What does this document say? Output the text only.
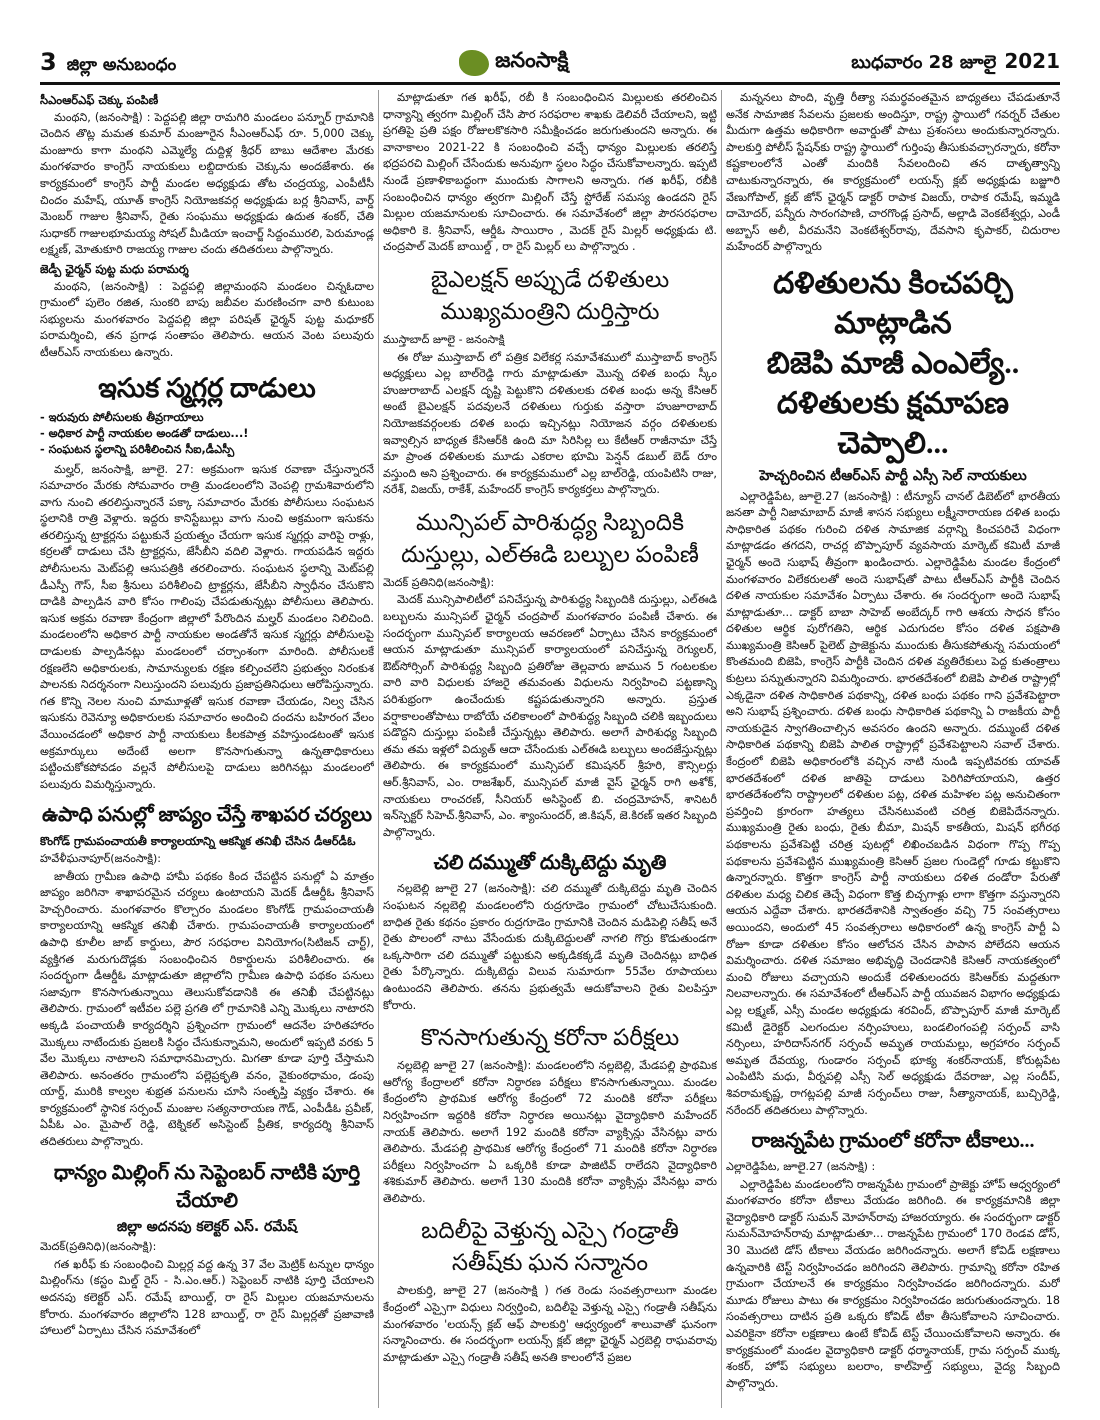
3 జిల్లా అనుబంధం	జనంసాక్షి	బుధవారం 28 జూలై 2021
సీఎంఆర్ఎఫ్ చెక్కు పంపిణీ

మంథని, (జనంసాక్షి) : పెద్దపల్లి జిల్లా రామగిరి మండలం పన్నూర్ గ్రామానికి చెందిన తొట్ల మమత కుమార్ మంజూరైన సీఎంఆర్ఎఫ్ రూ. 5,000 చెక్కు మంజూరు కాగా మంథని ఎమ్మెల్యే దుద్దిళ్ల శ్రీధర్ బాబు ఆదేశాల మేరకు మంగళవారం కాంగ్రెస్ నాయకులు లబ్దిదారుకు చెక్కును అందజేశారు. ఈ కార్యక్రమంలో కాంగ్రెస్ పార్టీ మండల అధ్యక్షుడు తోట చంద్రయ్య, ఎంపీటీసీ చిందం మహేష్, యూత్ కాంగ్రెస్ నియోజకవర్గ అధ్యక్షుడు బర్ల శ్రీనివాస్, వార్డ్ మెంబర్ గాజుల శ్రీనివాస్, రైతు సంఘము అధ్యక్షుడు ఉదుత శంకర్, చేతి సుధాకర్ గాజులభూమయ్య సోషల్ మీడియా ఇంచార్జ్ సిద్దంమురలి, పెరుమాండ్ల లక్ష్మణ్, మోతుకూరి రాజయ్య గాజుల చందు తదితరులు పాల్గొన్నారు.

జెడ్పీ ఛైర్మన్ పుట్ట మధు పరామర్శ

మంథని, (జనంసాక్షి) : పెద్దపల్లి జిల్లామంథని మండలం చిన్నఓదాల గ్రామంలో పులెం రజిత, సుంకరి బాపు జబీవల మరణించగా వారి కుటుంబ సభ్యులను మంగళవారం పెద్దపల్లి జిల్లా పరిషత్ ఛైర్మన్ పుట్ట మధూకర్ పరామర్శించి, తన ప్రగాఢ సంతాపం తెలిపారు. ఆయన వెంట పలువురు టీఆర్ఎస్ నాయకులు ఉన్నారు.

ఇసుక స్మగ్లర్ల దాడులు
- ఇరువురు పోలీసులకు తీవ్రగాయాలు
- అధికార పార్టీ నాయకుల అండతో దాడులు...!
- సంఘటన స్థలాన్ని పరిశీలించిన సీఐ,డీఎస్పీ

మల్హర్, జనంసాక్షి, జూలై. 27: అక్రమంగా ఇసుక రవాణా చేస్తున్నారనే సమాచారం మేరకు సోమవారం రాత్రి మండలంలోని వెంపల్లి గ్రామశివారులోని వాగు నుంచి తరలిస్తున్నారనే పక్కా సమాచారం మేరకు పోలీసులు సంఘటన స్థలానికి రాత్రి వెళ్లారు. ఇద్దరు కానిస్టేబుల్లు వాగు నుంచి అక్రమంగా ఇసుకను తరలిస్తున్న ట్రాక్టర్లను పట్టుకునే ప్రయత్నం చేయగా ఇసుక స్మగ్లర్లు వారిపై రాళ్లు, కర్రలతో దాడులు చేసి ట్రాక్టర్లను, జేసీబీని వదిలి వెళ్లారు. గాయపడిన ఇద్దరు పోలీసులను మెట్‌పల్లి ఆసుపత్రికి తరలించారు. సంఘటన స్థలాన్ని మెట్‌పల్లి డీఎస్పీ గౌస్, సీఐ శ్రీనులు పరిశీలించి ట్రాక్టర్లను, జేసీబీని స్వాధీనం చేసుకొని దాడికి పాల్పడిన వారి కోసం గాలింపు చేపడుతున్నట్లు పోలీసులు తెలిపారు. ఇసుక అక్రమ రవాణా కేంద్రంగా జిల్లాలో పేరొందిన మల్హర్ మండలం నిలిచింది. మండలంలోని అధికార పార్టీ నాయకుల అండతోనే ఇసుక స్మగ్లర్లు పోలీసులపై దాడులకు పాల్పడినట్లు మండలంలో చర్చాంశంగా మారింది. పోలీసులకే రక్షణలేని అధికారులకు, సామాన్యులకు రక్షణ కల్పించలేని ప్రభుత్వం నిరంకుశ పాలనకు నిదర్శనంగా నిలుస్తుందని పలువురు ప్రజాప్రతినిధులు ఆరోపిస్తున్నారు. గత కొన్ని నెలల నుంచి మామూళ్లతో ఇసుక రవాణా చేయడం, నిల్వ చేసిన ఇసుకను రెవెన్యూ అధికారులకు సమాచారం అందించి దందను బహిరంగ వేలం వేయించడంలో అధికార పార్టీ నాయకులు కీలకపాత్ర వహిస్తుండటంతో ఇసుక అక్రమార్కులు అదేంటే అలగా కొనసాగుతున్నా ఉన్నతాధికారులు పట్టించుకోకపోవడం వల్లనే పోలీసులపై దాడులు జరిగినట్లు మండలంలో పలువురు విమర్శిస్తున్నారు.

ఉపాధి పనుల్లో జాప్యం చేస్తే శాఖపర చర్యలు
కొంగోడ్ గ్రామపంచాయతీ కార్యాలయాన్ని ఆకస్మిక తనిఖీ చేసిన డీఆర్‌డీఓ
హవేళీఘనాపూర్(జనంసాక్షి):

జాతీయ గ్రామీణ ఉపాధి హామీ పథకం కింద చేపట్టిన పనుల్లో ఏ మాత్రం జాప్యం జరిగినా శాఖాపరమైన చర్యలు ఉంటాయని మెదక్ డీఆర్డీఓ శ్రీనివాస్ హెచ్చరించారు. మంగళవారం కొల్చారం మండలం కొంగోడ్ గ్రామపంచాయతీ కార్యాలయాన్ని ఆకస్మిక తనిఖీ చేశారు. గ్రామపంచాయతీ కార్యాలయంలో ఉపాధి కూలీల జాబ్ కార్డులు, పౌర సరఫరాల వినియోగం(సిటిజన్ చార్ట్), వ్యక్తిగత మరుగుదొడ్లకు సంబంధించిన రికార్డులను పరిశీలించారు. ఈ సందర్భంగా డీఆర్డీఓ మాట్లాడుతూ జిల్లాలోని గ్రామీణ ఉపాధి పథకం పనులు సజావుగా కొనసాగుతున్నాయి తెలుసుకోవడానికి ఈ తనిఖీ చేపట్టినట్లు తెలిపారు. గ్రామంలో ఇటీవల పల్లె ప్రగతి లో గ్రామానికి ఎన్ని మొక్కలు నాటారని అక్కడి పంచాయతీ కార్యదర్శిని ప్రశ్నించగా గ్రామంలో ఆదనేల హరితహారం మొక్కలు నాటేందుకు ప్రజలకి సిద్ధం చేసుకున్నామని, అందులో ఇప్పటి వరకు 5 వేల మొక్కలు నాటాలని సమాధానమిచ్చారు. మిగతా కూడా పూర్తి చేస్తామని తెలిపారు. అనంతరం గ్రామంలోని పల్లెప్రకృతి వనం, వైకుంఠధామం, డంపు యార్డ్, మురికి కాల్వల శుభ్రత పనులను చూసి సంతృప్తి వ్యక్తం చేశారు. ఈ కార్యక్రమంలో స్థానిక సర్పంచ్ మంజుల సత్యనారాయణ గౌడ్, ఎంపీడీఓ ప్రవీణ్, ఏపీఓ ఎం. మైపాల్ రెడ్డి, టెక్నికల్ అసిస్టెంట్ ప్రీతిక, కార్యదర్శి శ్రీనివాస్ తదితరులు పాల్గొన్నారు.

ధాన్యం మిల్లింగ్ ను సెప్టెంబర్ నాటికి పూర్తి చేయాలి
జిల్లా అదనపు కలెక్టర్ ఎస్. రమేష్
మెదక్(ప్రతినిధి)(జనంసాక్షి):

గత ఖరీఫ్ కు సంబంధించి మిల్లర్ల వద్ద ఉన్న 37 వేల మెట్రిక్ టన్నుల ధాన్యం మిల్లింగ్‌ను (కస్టం మిల్డ్ రైస్ - సి.ఎం.ఆర్.) సెప్టెంబర్ నాటికి పూర్తి చేయాలని అదనపు కలెక్టర్ ఎస్. రమేష్ బాయిల్డ్, రా రైస్ మిల్లుల యజమానులను కోరారు. మంగళవారం జిల్లాలోని 128 బాయిల్డ్, రా రైస్ మిల్లర్లతో ప్రజావాణి హాలులో ఏర్పాటు చేసిన సమావేశంలో

మాట్లాడుతూ గత ఖరీఫ్, రబీ కి సంబంధించిన మిల్లులకు తరలించిన ధాన్యాన్ని త్వరగా మిల్లింగ్ చేసి పౌర సరఫరాల శాఖకు డెలివరీ చేయాలని, ఇట్టి ప్రగతిపై ప్రతి పక్షం రోజులకొకసారి సమీక్షించడం జరుగుతుందని అన్నారు. ఈ వానాకాలం 2021-22 కి సంబంధించి వచ్చే ధాన్యం మిల్లులకు తరలిస్తే భద్రపరచి మిల్లింగ్ చేసేందుకు అనువుగా స్థలం సిద్ధం చేసుకోవాలన్నారు. ఇప్పటి నుండే ప్రణాళికాబద్ధంగా ముందుకు సాగాలని అన్నారు. గత ఖరీఫ్, రబీకి సంబంధించిన ధాన్యం త్వరగా మిల్లింగ్ చేస్తే స్టోరేజ్ సమస్య ఉండదని రైస్ మిల్లుల యజమానులకు సూచించారు. ఈ సమావేశంలో జిల్లా పౌరసరఫరాల అధికారి కె. శ్రీనివాస్, ఆర్డీఓ సాయిరాం , మెదక్ రైస్ మిల్లర్ అధ్యక్షుడు టి. చంద్రపాల్ మెదక్ బాయిల్డ్ , రా రైస్ మిల్లర్ లు పాల్గొన్నారు .

బైఎలక్షన్ అప్పుడే దళితులు
ముఖ్యమంత్రిని దుర్తిస్తారు
ముస్తాబాద్ జూలై - జనంసాక్షి

ఈ రోజు ముస్తాబాద్ లో పత్రిక విలేకర్ల సమావేశములో ముస్తాబాద్ కాంగ్రెస్ అధ్యక్షులు ఎల్ల బాల్‌రెడ్డి గారు మాట్లాడుతూ మొన్న దళిత బంధు స్కీం హుజురాబాద్ ఎలక్షన్ దృష్టి పెట్టుకొని దళితులకు దళిత బంధు అన్న కేసిఆర్ అంటే బైఎలక్షన్ పదవులనే దళితులు గుర్తుకు వస్తారా హుజూరాబాద్ నియోజకవర్గంలకు దళిత బంధు ఇచ్చినట్లు నియోజన వర్గం దళితులకు ఇవ్వాల్సిన బాధ్యత కేసిఆర్‌కి ఉంది మా సిరిసిల్ల లు కేటీఆర్ రాజీనామా చేస్తే మా ప్రాంత దళితులకు మూడు ఎకరాల భూమి పెన్షన్ డబుల్ బెడ్ రూం వస్తుంది అని ప్రశ్నించారు. ఈ కార్యక్రమములో ఎల్ల బాల్‌రెడ్డి, యంపిటిసి రాజు, నరేశ్, విజయ్, రాకేశ్, మహేందర్ కాంగ్రెస్ కార్యకర్తలు పాల్గొన్నారు.

మున్సిపల్ పారిశుద్ధ్య సిబ్బందికి
దుస్తుల్లు, ఎల్ఈడి బల్బుల పంపిణీ
మెదక్ ప్రతినిధి(జనంసాక్షి):

మెదక్ మున్సిపాలిటీలో పనిచేస్తున్న పారిశుద్ధ్య సిబ్బందికి దుస్తుల్లు, ఎల్ఈడి బల్బులను మున్సిపల్ ఛైర్మన్ చంద్రపాల్ మంగళవారం పంపిణీ చేశారు. ఈ సందర్భంగా మున్సిపల్ కార్యాలయ ఆవరణలో ఏర్పాటు చేసిన కార్యక్రమంలో ఆయన మాట్లాడుతూ మున్సిపల్ కార్యాలయంలో పనిచేస్తున్న రెగ్యులర్, ఔట్‌సోర్సింగ్ పారిశుద్ధ్య సిబ్బంది ప్రతిరోజు తెల్లవారు జామున 5 గంటలకుల వారి వారి విధులకు హాజరై తమవంతు విధులను నిర్వహించి పట్టణాన్ని పరిశుభ్రంగా ఉంచేందుకు కష్టపడుతున్నారని అన్నారు. ప్రస్తుత వర్షాకాలంతోపాటు రాబోయే చలికాలంలో పారిశుద్ధ్య సిబ్బంది చలికి ఇబ్బందులు పడొద్దని దుస్తుల్లు పంపిణీ చేస్తున్నట్లు తెలిపారు. అలాగే పారిశుధ్య సిబ్బంది తమ తమ ఇళ్లలో విద్యుత్ ఆదా చేసేందుకు ఎల్ఈడి బల్బులు అందజేస్తున్నట్లు తెలిపారు. ఈ కార్యక్రమంలో మున్సిపల్ కమిషనర్ శ్రీహరి, కౌన్సిలర్లు ఆర్.శ్రీనివాస్, ఎం. రాజశేఖర్, మున్సిపల్ మాజీ వైస్ ఛైర్మన్ రాగి అశోక్, నాయకులు రాంచరణ్, సీనియర్ అసిస్టెంట్ బి. చంద్రమోహన్, శానిటరీ ఇన్‌స్పెక్టర్ సిహెచ్.శ్రీనివాస్, ఎం. శ్యాంసుందర్, జి.కిషన్, జె.కిరణ్ ఇతర సిబ్బంది పాల్గొన్నారు.

చలి దమ్ముతో దుక్కిటెద్దు మృతి

నల్లబెల్లి జూలై 27 (జనంసాక్షి): చలి దమ్ముతో దుక్కిటెద్దు మృతి చెందిన సంఘటన నల్లబెల్లి మండలంలోని రుద్రగూడెం గ్రామంలో చోటుచేసుకుంది. బాధిత రైతు కథనం ప్రకారం రుద్రగూడెం గ్రామానికి చెందిన మడిపెల్లి సతీష్ అనే రైతు పొలంలో నాటు వేసేందుకు దుక్కిటెద్దులతో నాగలి గొర్రు కొడుతుండగా ఒక్కసారిగా చలి దమ్ముతో పట్టుకుని అక్కడికక్కడే మృతి చెందినట్లు బాధిత రైతు పేర్కొన్నారు. దుక్కిటెద్దు విలువ సుమారుగా 55వేల రూపాయలు ఉంటుందని తెలిపారు. తనను ప్రభుత్వమే ఆదుకోవాలని రైతు విలపిస్తూ కోరారు.

కొనసాగుతున్న కరోనా పరీక్షలు

నల్లబెల్లి జూలై 27 (జనంసాక్షి): మండలంలోని నల్లబెల్లి, మేడపల్లి ప్రాథమిక ఆరోగ్య కేంద్రాలలో కరోనా నిర్ధారణ పరీక్షలు కొనసాగుతున్నాయి. మండల కేంద్రంలోని ప్రాథమిక ఆరోగ్య కేంద్రంలో 72 మందికి కరోనా పరీక్షలు నిర్వహించగా ఇద్దరికి కరోనా నిర్ధారణ అయినట్లు వైద్యాధికారి మహేందర్ నాయక్ తెలిపారు. అలాగే 192 మందికి కరోనా వ్యాక్సిన్లు వేసినట్లు వారు తెలిపారు. మేడపల్లి ప్రాథమిక ఆరోగ్య కేంద్రంలో 71 మందికి కరోనా నిర్ధారణ పరీక్షలు నిర్వహించగా ఏ ఒక్కరికి కూడా పాజిటివ్ రాలేదని వైద్యాధికారి శశికుమార్ తెలిపారు. అలాగే 130 మందికి కరోనా వ్యాక్సిన్లు వేసినట్లు వారు తెలిపారు.

బదిలీపై వెళ్తున్న ఎస్సై గండ్రాతీ
సతీష్‌కు ఘన సన్మానం

పాలకుర్తి, జూలై 27 (జనంసాక్షి ) గత రెండు సంవత్సరాలుగా మండల కేంద్రంలో ఎస్సైగా విధులు నిర్వర్తించి, బదిలీపై వెళ్తున్న ఎస్సై గండ్రాతీ సతీష్‌ను మంగళవారం 'లయన్స్ క్లబ్ ఆఫ్ పాలకుర్తి' ఆధ్వర్యంలో శాలువాతో ఘనంగా సన్మానించారు. ఈ సందర్భంగా లయన్స్ క్లబ్ జిల్లా ఛైర్మన్ ఎర్రబెల్లి రాఘవరావు మాట్లాడుతూ ఎస్సై గండ్రాతీ సతీష్ అనతి కాలంలోనే ప్రజల

మన్ననలు పొంది, వృత్తి రీత్యా సమర్థవంతమైన బాధ్యతలు చేపడుతూనే అనేక సామాజిక సేవలను ప్రజలకు అందిస్తూ, రాష్ట్ర స్థాయిలో గవర్నర్ చేతుల మీదుగా ఉత్తమ అధికారిగా అవార్డుతో పాటు ప్రశంసలు అందుకున్నారన్నారు. పాలకుర్తి పోలీస్ స్టేషన్‌కు రాష్ట్ర స్థాయిలో గుర్తింపు తీసుకువచ్చారన్నారు, కరోనా కష్టకాలంలోనే ఎంతో మందికి సేవలందించి తన దాతృత్వాన్ని చాటుకున్నారన్నారు, ఈ కార్యక్రమంలో లయన్స్ క్లబ్ అధ్యక్షుడు బజ్జూరి వేణుగోపాల్, క్లబ్ జోన్ ఛైర్మన్ డాక్టర్ రాపాక విజయ్, రాపాక రమేష్, ఇమ్మడి దామోదర్, పన్నీరు సారంగపాణి, చారగొండ్ల ప్రసాద్, అల్లాడి వెంకటేశ్వర్లు, ఎండీ అబ్బాస్ అలీ, వీరమనేని వెంకటేశ్వర్‌రావు, దేవసాని కృపాకర్, చిదురాల మహేందర్ పాల్గొన్నారు

దళితులను కించపర్చి మాట్లాడిన
బిజెపి మాజీ ఎంఎల్యే..
దళితులకు క్షమాపణ చెప్పాలి...
హెచ్చరించిన టీఆర్ఎస్ పార్టీ ఎస్సీ సెల్ నాయకులు

ఎల్లారెడ్డిపేట, జూలై.27 (జనంసాక్షి) : టీన్యూస్ చానల్ డిబెట్‌లో భారతీయ జనతా పార్టీ నిజామాబాద్ మాజీ శాసన సభ్యులు లక్ష్మీనారాయణ దళిత బంధు సాధికారిత పథకం గురించి దళిత సామాజిక వర్గాన్ని కించపరిచే విధంగా మాట్లాడడం తగదని, రాచర్ల బొప్పాపూర్ వ్యవసాయ మార్కెట్ కమిటీ మాజీ ఛైర్మన్ అందె సుభాష్ తీవ్రంగా ఖండించారు. ఎల్లారెడ్డిపేట మండల కేంద్రంలో మంగళవారం విలేకరులతో అందె సుభాష్‌తో పాటు టీఆర్ఎస్ పార్టీకి చెందిన దళిత నాయకుల సమావేశం ఏర్పాటు చేశారు. ఈ సందర్భంగా అందె సుభాష్ మాట్లాడుతూ... డాక్టర్ బాబా సాహెబ్ అంబేద్కర్ గారి ఆశయ సాధన కోసం దళితుల ఆర్థిక పురోగతిని, ఆర్థిక ఎదుగుదల కోసం దళిత పక్షపాతి ముఖ్యమంత్రి కెసిఆర్ పైలెట్ ప్రాజెక్టును ముందుకు తీసుకపోతున్న సమయంలో కొంతమంది బిజెపి, కాంగ్రెస్ పార్టీకి చెందిన దళిత వ్యతిరేకులు పెద్ద కుతంత్రాలు కుట్రలు పన్నుతున్నారని విమర్శించారు. భారతదేశంలో బిజెపి పాలిత రాష్ట్రాల్లో ఎక్కడైనా దళిత సాధికారిత పథకాన్ని, దళిత బంధు పథకం గాని ప్రవేశపెట్టారా అని సుభాష్ ప్రశ్నించారు. దళిత బంధు సాధికారిత పథకాన్ని ఏ రాజకీయ పార్టీ నాయకుడైన స్వాగతించాల్సిన అవసరం ఉందని అన్నారు. దమ్ముంటే దళిత సాధికారిత పథకాన్ని బిజెపి పాలిత రాష్ట్రాల్లో ప్రవేశపెట్టాలని సవాల్ చేశారు. కేంద్రంలో బిజెపి అధికారంలోకి వచ్చిన నాటి నుండి ఇప్పటివరకు యావత్ భారతదేశంలో దళిత జాతిపై దాడులు పెరిగిపోయాయని, ఉత్తర భారతదేశంలోని రాష్ట్రాలలో దళితుల పట్ల, దళిత మహిళల పట్ల అనుచితంగా ప్రవర్తించి క్రూరంగా హత్యలు చేసినటువంటి చరిత్ర బిజెపిదేనన్నారు. ముఖ్యమంత్రి రైతు బంధు, రైతు బీమా, మిషన్ కాకతీయ, మిషన్ భగీరథ పథకాలను ప్రవేశపెట్టి చరిత్ర పుటల్లో లిఖించబడిన విధంగా గొప్ప గొప్ప పథకాలను ప్రవేశపెట్టిన ముఖ్యమంత్రి కెసిఆర్ ప్రజల గుండెల్లో గూడు కట్టుకొని ఉన్నారన్నారు. కొత్తగా కాంగ్రెస్ పార్టీ నాయకులు దళిత దండోరా పేరుతో దళితుల మధ్య చిలిక తెచ్చే విధంగా కొత్త బిచ్చగాళ్లు లాగా కొత్తగా వస్తున్నారని ఆయన ఎద్దేవా చేశారు. భారతదేశానికి స్వాతంత్రం వచ్చి 75 సంవత్సరాలు అయిందని, అందులో 45 సంవత్సరాలు అధికారంలో ఉన్న కాంగ్రెస్ పార్టీ ఏ రోజూ కూడా దళితుల కోసం ఆలోచన చేసిన పాపాన పోలేదని ఆయన విమర్శించారు. దళిత సమాజం అభివృద్ధి చెందడానికి కెసిఆర్ నాయకత్వంలో మంచి రోజులు వచ్చాయని అందుకే దళితులందరు కెసిఆర్‌కు మద్దతుగా నిలవాలన్నారు. ఈ సమావేశంలో టీఆర్ఎస్ పార్టీ యువజన విభాగం అధ్యక్షుడు ఎల్ల లక్ష్మణ్, ఎస్సీ మండల అధ్యక్షుడు శరవింద్, బొప్పాపూర్ మాజీ మార్కెట్ కమిటీ డైరెక్టర్ ఎలగందుల నర్సింహులు, బండలింగంపల్లి సర్పంచ్ వాసి నర్సింలు, హరిదాస్‌నగర్ సర్పంచ్ అమృత రాయమల్లు, అగ్రహారం సర్పంచ్ అమృత దేవయ్య, గుండారం సర్పంచ్ భూక్య శంకర్‌నాయక్, కోరుట్లపేట ఎంపిటిసి మధు, వీర్నపల్లి ఎస్సీ సెల్ అధ్యక్షుడు దేవరాజు, ఎల్ల సందీప్, శివరామకృష్ణ, రాగట్లపల్లి మాజీ సర్పంచ్‌లు రాజు, సీత్యానాయక్, బుచ్చిరెడ్డి, నరేందర్ తదితరులు పాల్గొన్నారు.

రాజన్నపేట గ్రామంలో కరోనా టీకాలు...
ఎల్లారెడ్డిపేట, జూలై.27 (జనసాక్షి) :

ఎల్లారెడ్డిపేట మండలంలోని రాజన్నపేట గ్రామంలో ప్రాజెక్టు హోప్ ఆధ్వర్యంలో మంగళవారం కరోనా టీకాలు వేయడం జరిగింది. ఈ కార్యక్రమానికి జిల్లా వైద్యాధికారి డాక్టర్ సుమన్ మోహన్‌రావు హాజరయ్యారు. ఈ సందర్భంగా డాక్టర్ సుమన్‌మోహన్‌రావు మాట్లాడుతూ... రాజన్నపేట గ్రామంలో 170 రెండవ డోస్, 30 మొదటి డోస్ టీకాలు వేయడం జరిగిందన్నారు. అలాగే కోవిడ్ లక్షణాలు ఉన్నవారికి టెస్ట్ నిర్వహించడం జరిగిందని తెలిపారు. గ్రామాన్ని కరోనా రహిత గ్రామంగా చేయాలనే ఈ కార్యక్రమం నిర్వహించడం జరిగిందన్నారు. మరో మూడు రోజులు పాటు ఈ కార్యక్రమం నిర్వహించడం జరుగుతుందన్నారు. 18 సంవత్సరాలు దాటిన ప్రతి ఒక్కరు కోవిడ్ టీకా తీసుకోవాలని సూచించారు. ఎవరికైనా కరోనా లక్షణాలు ఉంటే కోవిడ్ టెస్ట్ చేయించుకోవాలని అన్నారు. ఈ కార్యక్రమంలో మండల వైద్యాధికారి డాక్టర్ ధర్మానాయక్, గ్రామ సర్పంచ్ ముక్క శంకర్, హోప్ సభ్యులు బలరాం, కాల్‌హెల్త్ సభ్యులు, వైద్య సిబ్బంది పాల్గొన్నారు.
